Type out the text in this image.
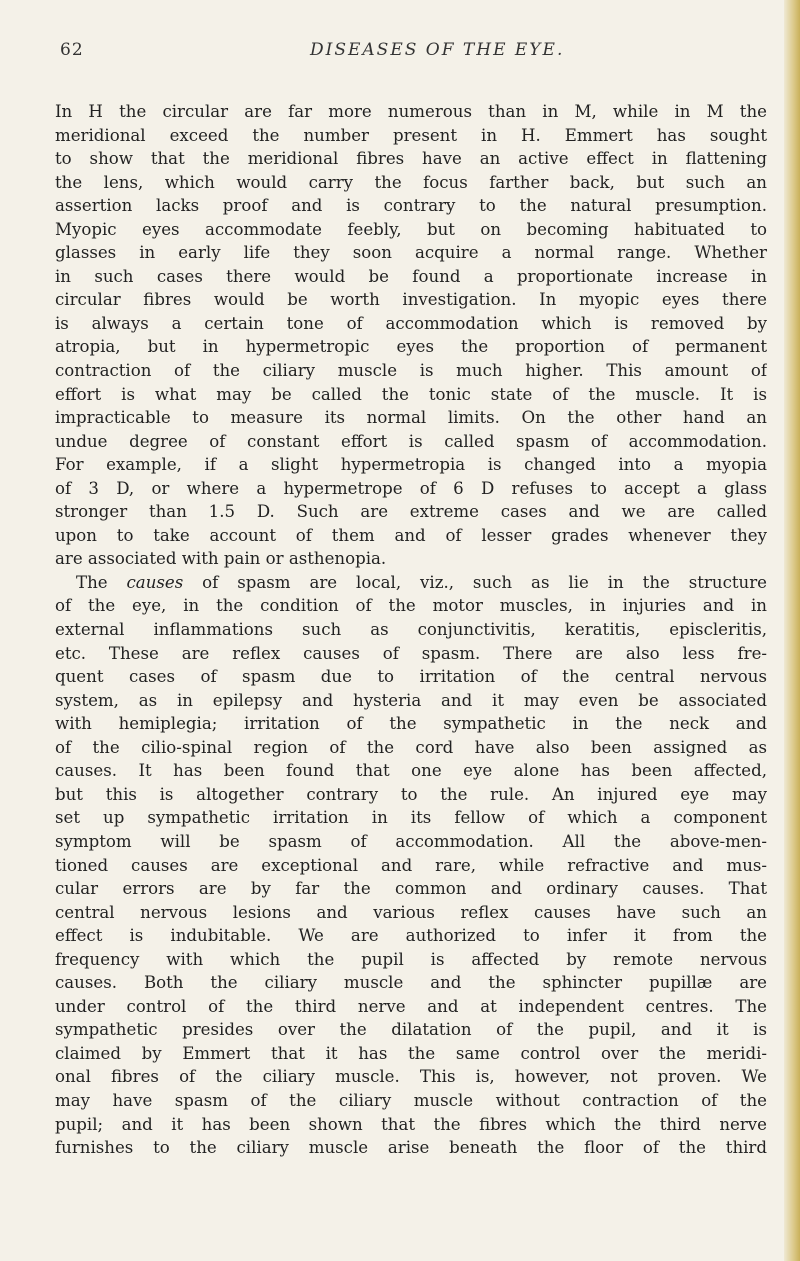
62	DISEASES OF THE EYE.
In H the circular are far more numerous than in M, while in M the
meridional exceed the number present in H. Emmert has sought
to show that the meridional fibres have an active effect in flattening
the lens, which would carry the focus farther back, but such an
assertion lacks proof and is contrary to the natural presumption.
Myopic eyes accommodate feebly, but on becoming habituated to
glasses in early life they soon acquire a normal range. Whether
in such cases there would be found a proportionate increase in
circular fibres would be worth investigation. In myopic eyes there
is always a certain tone of accommodation which is removed by
atropia, but in hypermetropic eyes the proportion of permanent
contraction of the ciliary muscle is much higher. This amount of
effort is what may be called the tonic state of the muscle. It is
impracticable to measure its normal limits. On the other hand an
undue degree of constant effort is called spasm of accommodation.
For example, if a slight hypermetropia is changed into a myopia
of 3 D, or where a hypermetrope of 6 D refuses to accept a glass
stronger than 1.5 D. Such are extreme cases and we are called
upon to take account of them and of lesser grades whenever they
are associated with pain or asthenopia.
The causes of spasm are local, viz., such as lie in the structure
of the eye, in the condition of the motor muscles, in injuries and in
external inflammations such as conjunctivitis, keratitis, episcleritis,
etc. These are reflex causes of spasm. There are also less fre-
quent cases of spasm due to irritation of the central nervous
system, as in epilepsy and hysteria and it may even be associated
with hemiplegia; irritation of the sympathetic in the neck and
of the cilio-spinal region of the cord have also been assigned as
causes. It has been found that one eye alone has been affected,
but this is altogether contrary to the rule. An injured eye may
set up sympathetic irritation in its fellow of which a component
symptom will be spasm of accommodation. All the above-men-
tioned causes are exceptional and rare, while refractive and mus-
cular errors are by far the common and ordinary causes. That
central nervous lesions and various reflex causes have such an
effect is indubitable. We are authorized to infer it from the
frequency with which the pupil is affected by remote nervous
causes. Both the ciliary muscle and the sphincter pupillæ are
under control of the third nerve and at independent centres. The
sympathetic presides over the dilatation of the pupil, and it is
claimed by Emmert that it has the same control over the meridi-
onal fibres of the ciliary muscle. This is, however, not proven. We
may have spasm of the ciliary muscle without contraction of the
pupil; and it has been shown that the fibres which the third nerve
furnishes to the ciliary muscle arise beneath the floor of the third
